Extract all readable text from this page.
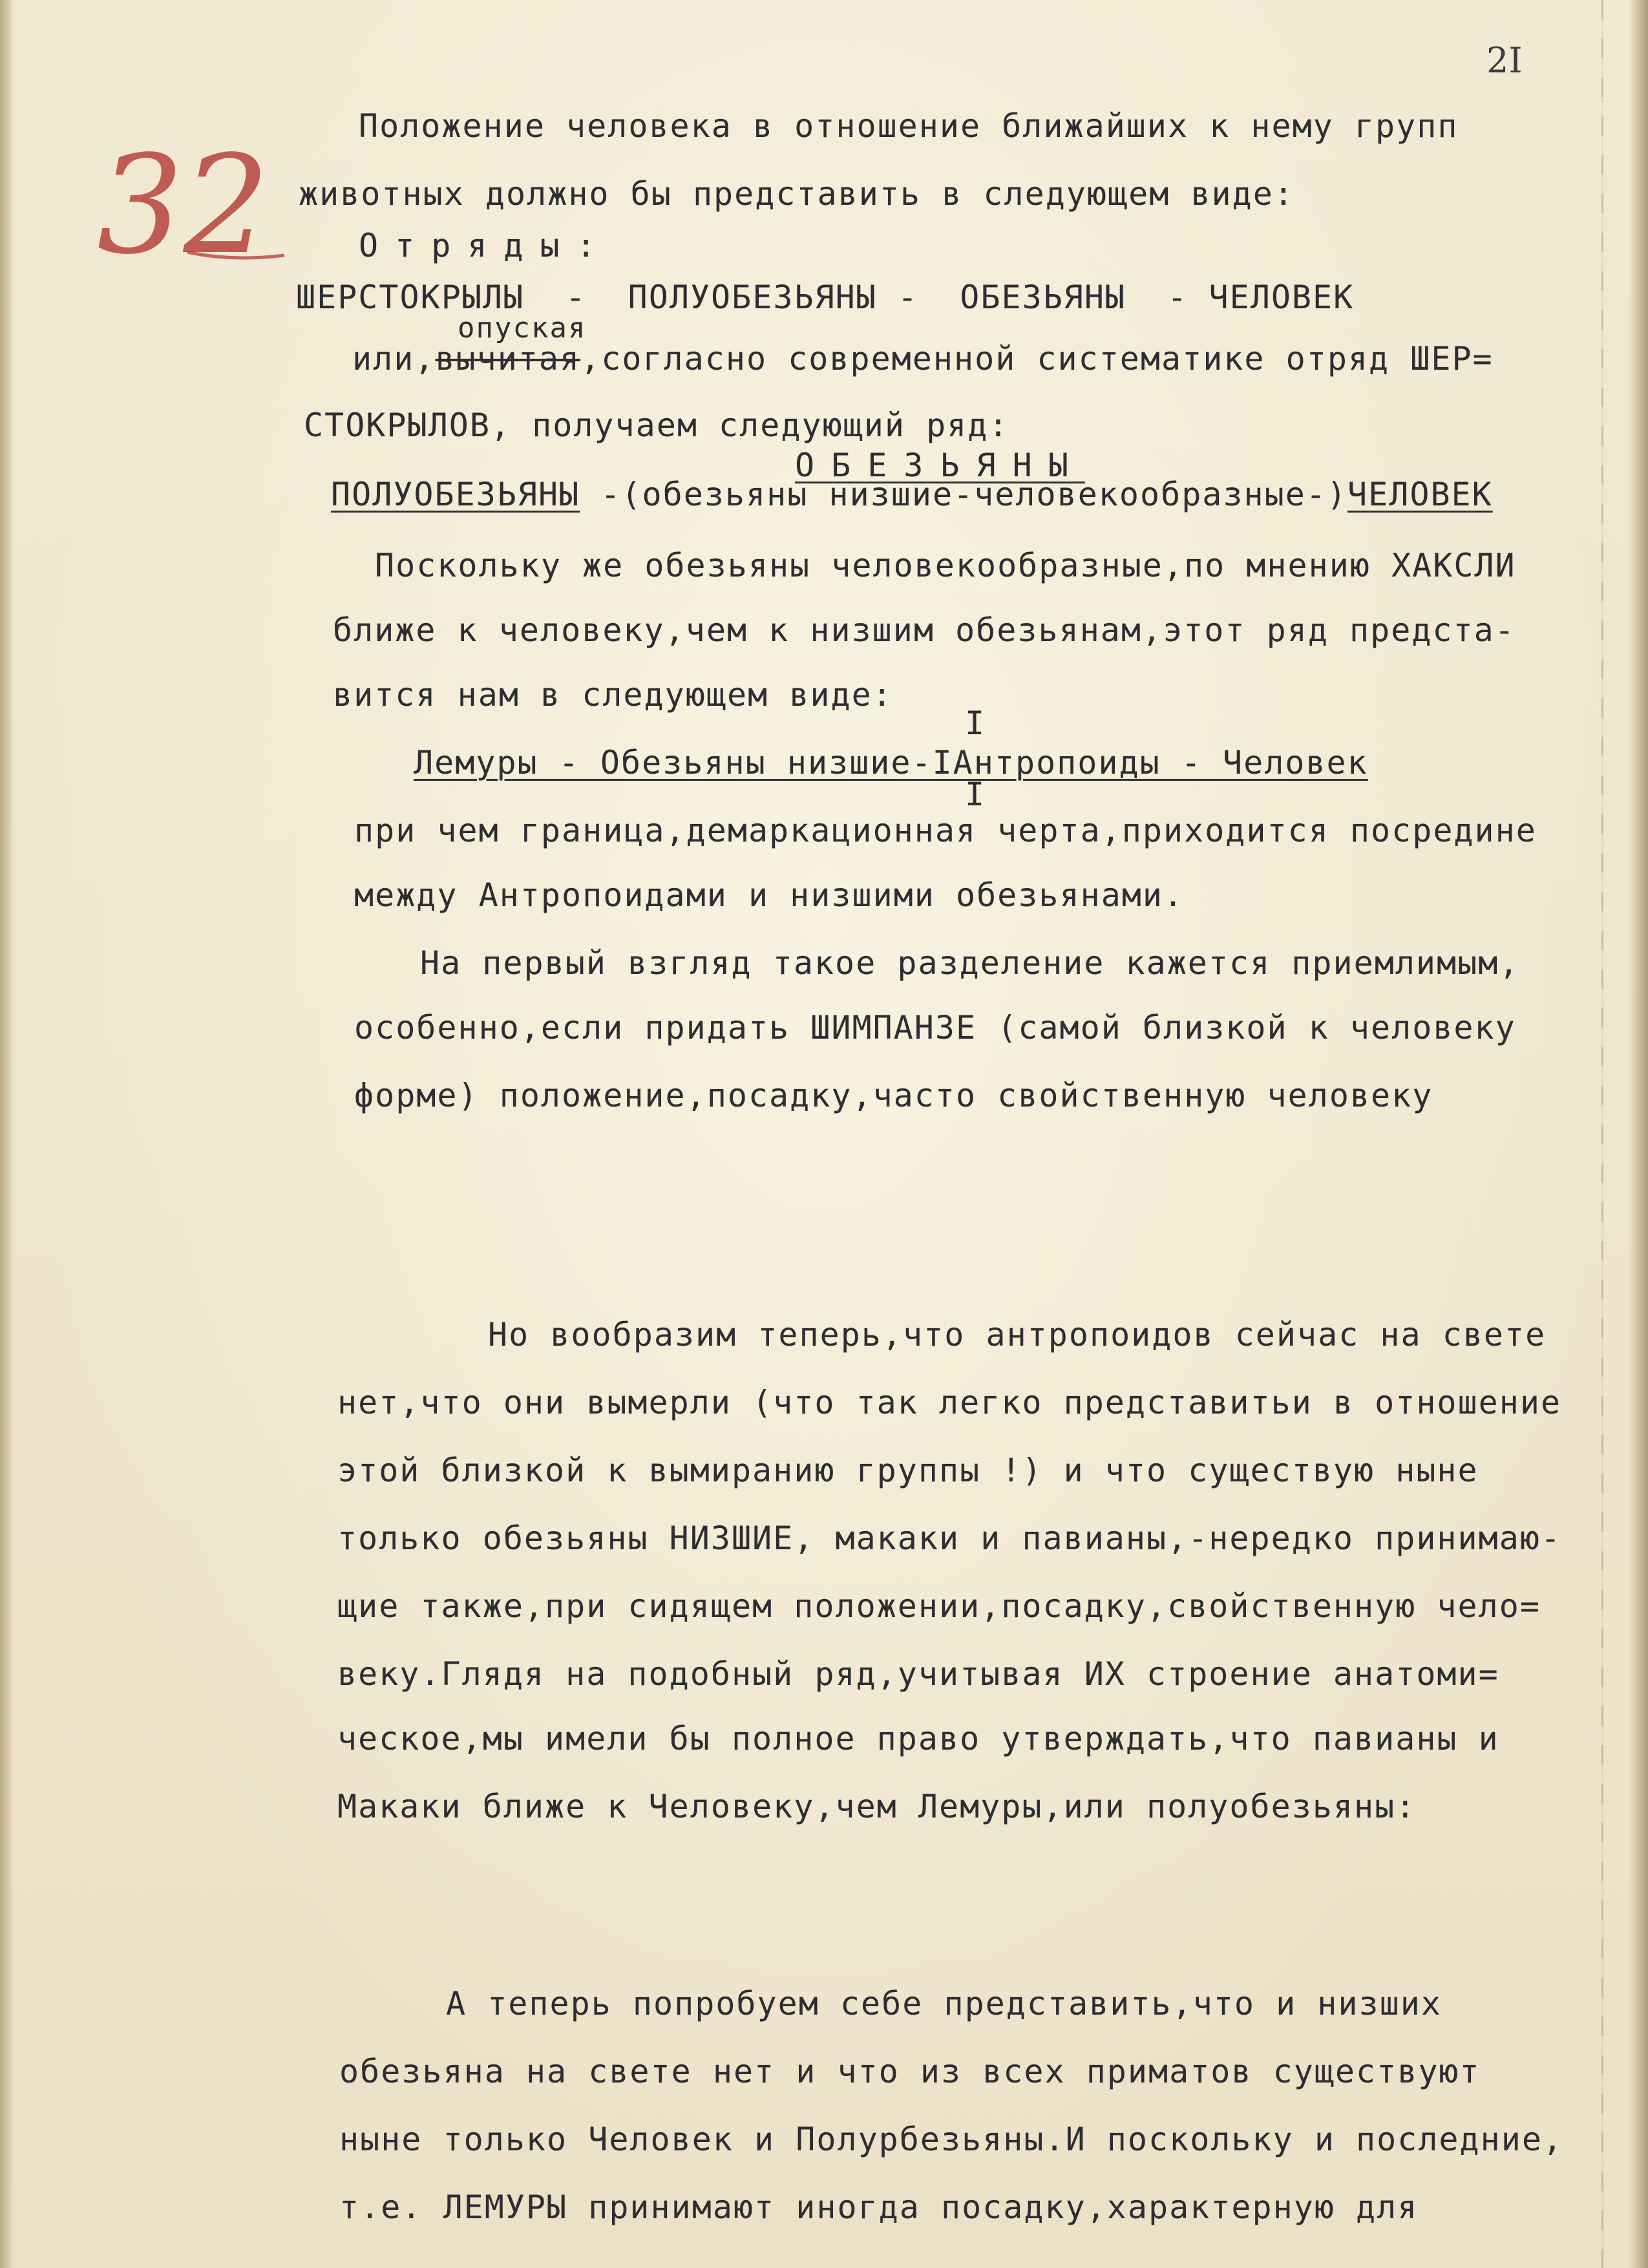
2I
32	Положение человека в отношение ближайших к нему групп
животных должно бы представить в следующем виде:
Отряды:
ШЕРСТОКРЫЛЫ  -  ПОЛУОБЕЗЬЯНЫ -  ОБЕЗЬЯНЫ  - ЧЕЛОВЕК
опуская
или,вычитая,согласно современной систематике отряд ШЕР=
СТОКРЫЛОВ, получаем следующий ряд:
ОБЕЗЬЯНЫ
ПОЛУОБЕЗЬЯНЫ -(обезьяны низшие-человекообразные-)ЧЕЛОВЕК
Поскольку же обезьяны человекообразные,по мнению ХАКСЛИ
ближе к человеку,чем к низшим обезьянам,этот ряд предста-
вится нам в следующем виде:
I
Лемуры - Обезьяны низшие-IАнтропоиды - Человек
I
при чем граница,демаркационная черта,приходится посредине
между Антропоидами и низшими обезьянами.
На первый взгляд такое разделение кажется приемлимым,
особенно,если придать ШИМПАНЗЕ (самой близкой к человеку
форме) положение,посадку,часто свойственную человеку
Но вообразим теперь,что антропоидов сейчас на свете
нет,что они вымерли (что так легко представитьи в отношение
этой близкой к вымиранию группы !) и что существую ныне
только обезьяны НИЗШИЕ, макаки и павианы,-нередко принимаю-
щие также,при сидящем положении,посадку,свойственную чело=
веку.Глядя на подобный ряд,учитывая ИХ строение анатоми=
ческое,мы имели бы полное право утверждать,что павианы и
Макаки ближе к Человеку,чем Лемуры,или полуобезьяны:
А теперь попробуем себе представить,что и низших
обезьяна на свете нет и что из всех приматов существуют
ныне только Человек и Полурбезьяны.И поскольку и последние,
т.е. ЛЕМУРЫ принимают иногда посадку,характерную для
